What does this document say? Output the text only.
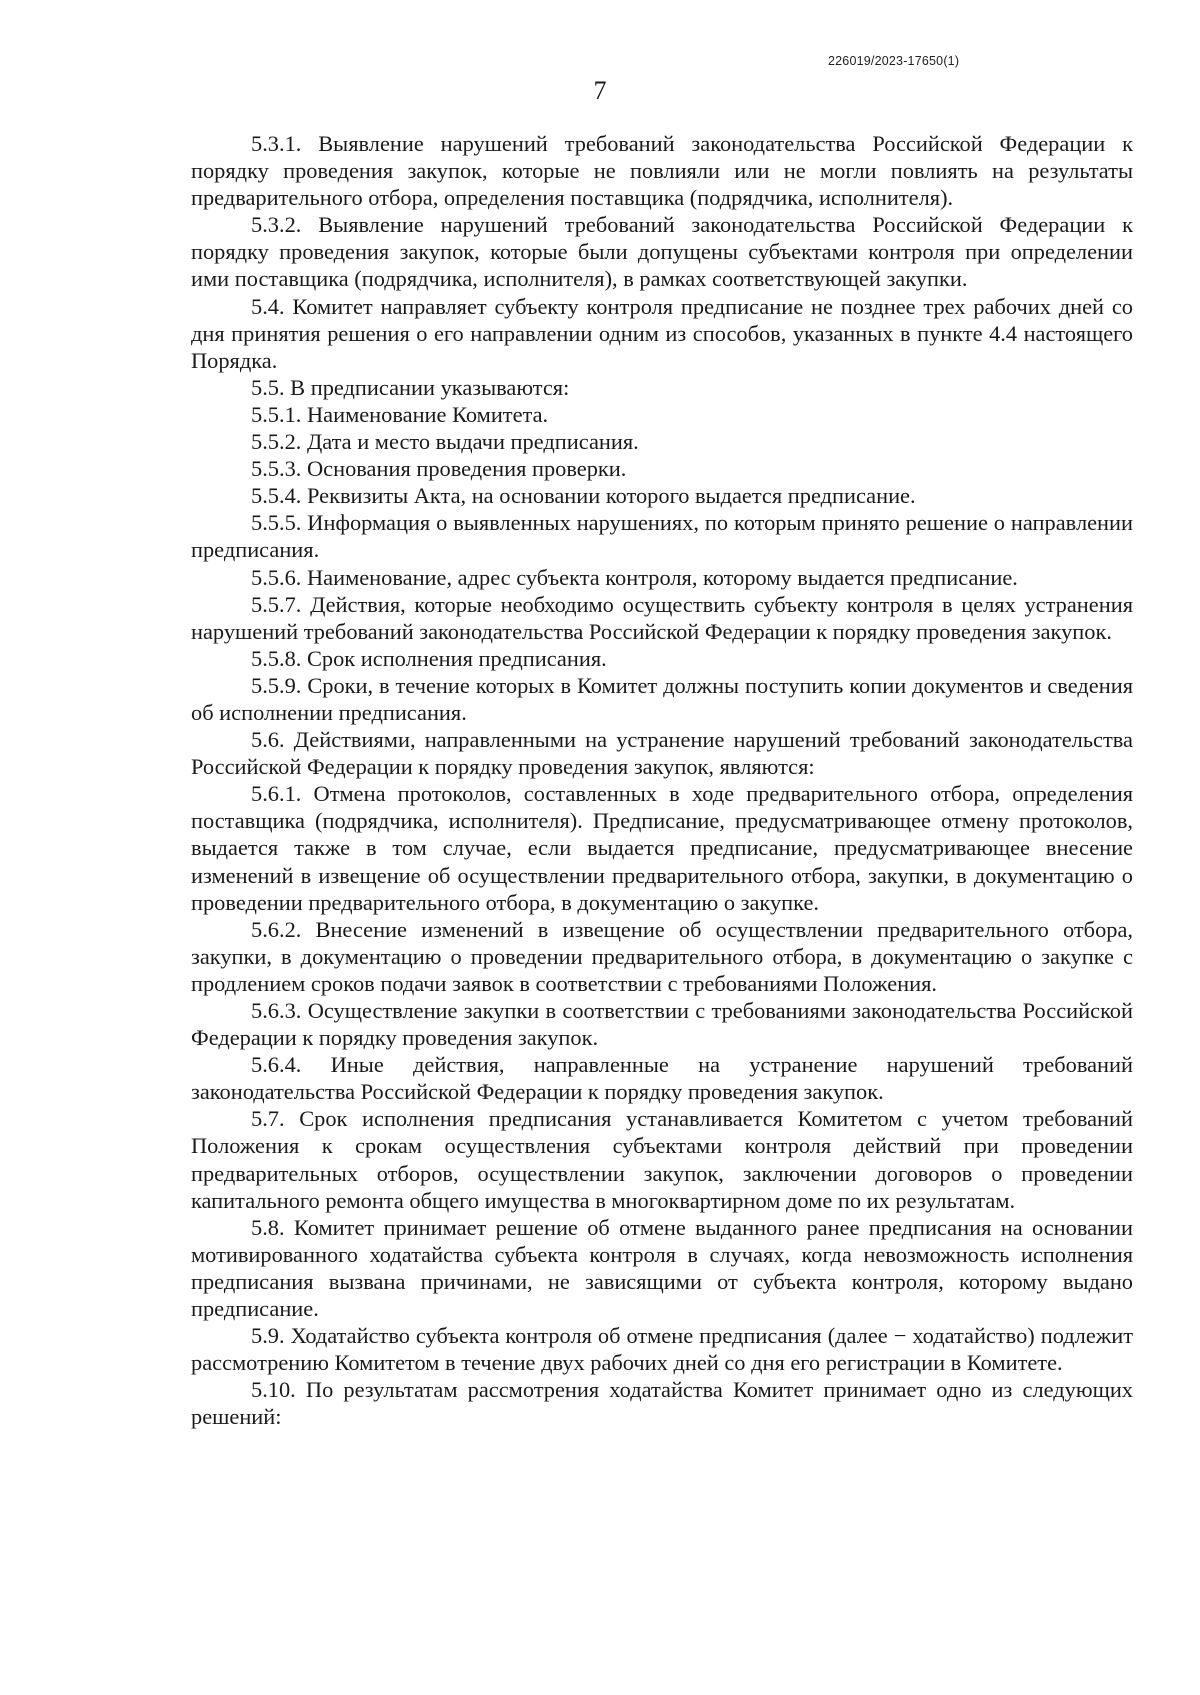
226019/2023-17650(1)
7

5.3.1. Выявление нарушений требований законодательства Российской Федерации к порядку проведения закупок, которые не повлияли или не могли повлиять на результаты предварительного отбора, определения поставщика (подрядчика, исполнителя).

5.3.2. Выявление нарушений требований законодательства Российской Федерации к порядку проведения закупок, которые были допущены субъектами контроля при определении ими поставщика (подрядчика, исполнителя), в рамках соответствующей закупки.

5.4. Комитет направляет субъекту контроля предписание не позднее трех рабочих дней со дня принятия решения о его направлении одним из способов, указанных в пункте 4.4 настоящего Порядка.

5.5. В предписании указываются:

5.5.1. Наименование Комитета.

5.5.2. Дата и место выдачи предписания.

5.5.3. Основания проведения проверки.

5.5.4. Реквизиты Акта, на основании которого выдается предписание.

5.5.5. Информация о выявленных нарушениях, по которым принято решение о направлении предписания.

5.5.6. Наименование, адрес субъекта контроля, которому выдается предписание.

5.5.7. Действия, которые необходимо осуществить субъекту контроля в целях устранения нарушений требований законодательства Российской Федерации к порядку проведения закупок.

5.5.8. Срок исполнения предписания.

5.5.9. Сроки, в течение которых в Комитет должны поступить копии документов и сведения об исполнении предписания.

5.6. Действиями, направленными на устранение нарушений требований законодательства Российской Федерации к порядку проведения закупок, являются:

5.6.1. Отмена протоколов, составленных в ходе предварительного отбора, определения поставщика (подрядчика, исполнителя). Предписание, предусматривающее отмену протоколов, выдается также в том случае, если выдается предписание, предусматривающее внесение изменений в извещение об осуществлении предварительного отбора, закупки, в документацию о проведении предварительного отбора, в документацию о закупке.

5.6.2. Внесение изменений в извещение об осуществлении предварительного отбора, закупки, в документацию о проведении предварительного отбора, в документацию о закупке с продлением сроков подачи заявок в соответствии с требованиями Положения.

5.6.3. Осуществление закупки в соответствии с требованиями законодательства Российской Федерации к порядку проведения закупок.

5.6.4. Иные действия, направленные на устранение нарушений требований законодательства Российской Федерации к порядку проведения закупок.

5.7. Срок исполнения предписания устанавливается Комитетом с учетом требований Положения к срокам осуществления субъектами контроля действий при проведении предварительных отборов, осуществлении закупок, заключении договоров о проведении капитального ремонта общего имущества в многоквартирном доме по их результатам.

5.8. Комитет принимает решение об отмене выданного ранее предписания на основании мотивированного ходатайства субъекта контроля в случаях, когда невозможность исполнения предписания вызвана причинами, не зависящими от субъекта контроля, которому выдано предписание.

5.9. Ходатайство субъекта контроля об отмене предписания (далее − ходатайство) подлежит рассмотрению Комитетом в течение двух рабочих дней со дня его регистрации в Комитете.

5.10. По результатам рассмотрения ходатайства Комитет принимает одно из следующих решений:
